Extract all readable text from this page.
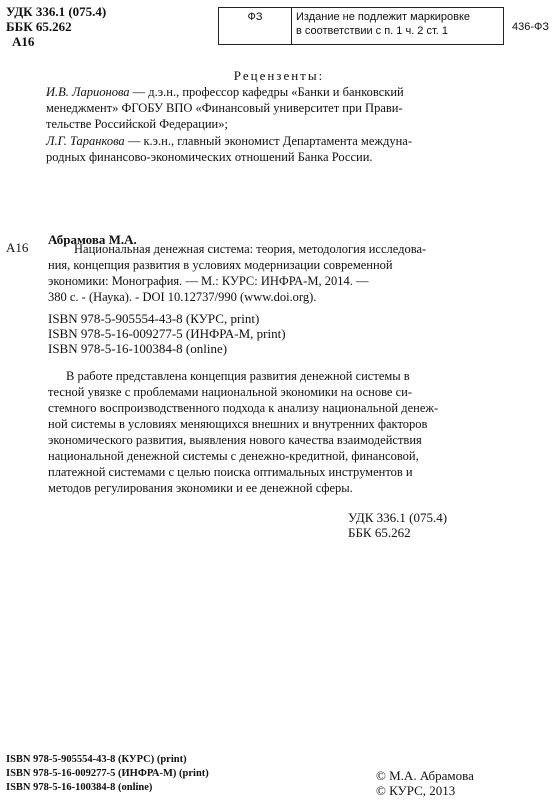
УДК 336.1 (075.4)
ББК 65.262
А16
ФЗ	Издание не подлежит маркировке
в соответствии с п. 1 ч. 2 ст. 1	436-ФЗ
Рецензенты:
И.В. Ларионова — д.э.н., профессор кафедры «Банки и банковский
менеджмент» ФГОБУ ВПО «Финансовый университет при Прави-
тельстве Российской Федерации»;
Л.Г. Таранкова — к.э.н., главный экономист Департамента междуна-
родных финансово-экономических отношений Банка России.
Абрамова М.А.
А16	Национальная денежная система: теория, методология исследова-
ния, концепция развития в условиях модернизации современной
экономики: Монография. — М.: КУРС: ИНФРА-М, 2014. —
380 с. - (Наука). - DOI 10.12737/990 (www.doi.org).
ISBN 978-5-905554-43-8 (КУРС, print)
ISBN 978-5-16-009277-5 (ИНФРА-М, print)
ISBN 978-5-16-100384-8 (online)
В работе представлена концепция развития денежной системы в
тесной увязке с проблемами национальной экономики на основе си-
стемного воспроизводственного подхода к анализу национальной денеж-
ной системы в условиях меняющихся внешних и внутренних факторов
экономического развития, выявления нового качества взаимодействия
национальной денежной системы с денежно-кредитной, финансовой,
платежной системами с целью поиска оптимальных инструментов и
методов регулирования экономики и ее денежной сферы.
УДК 336.1 (075.4)
ББК 65.262
ISBN 978-5-905554-43-8 (КУРС) (print)
ISBN 978-5-16-009277-5 (ИНФРА-М) (print)
ISBN 978-5-16-100384-8 (online)
© М.А. Абрамова
© КУРС, 2013
